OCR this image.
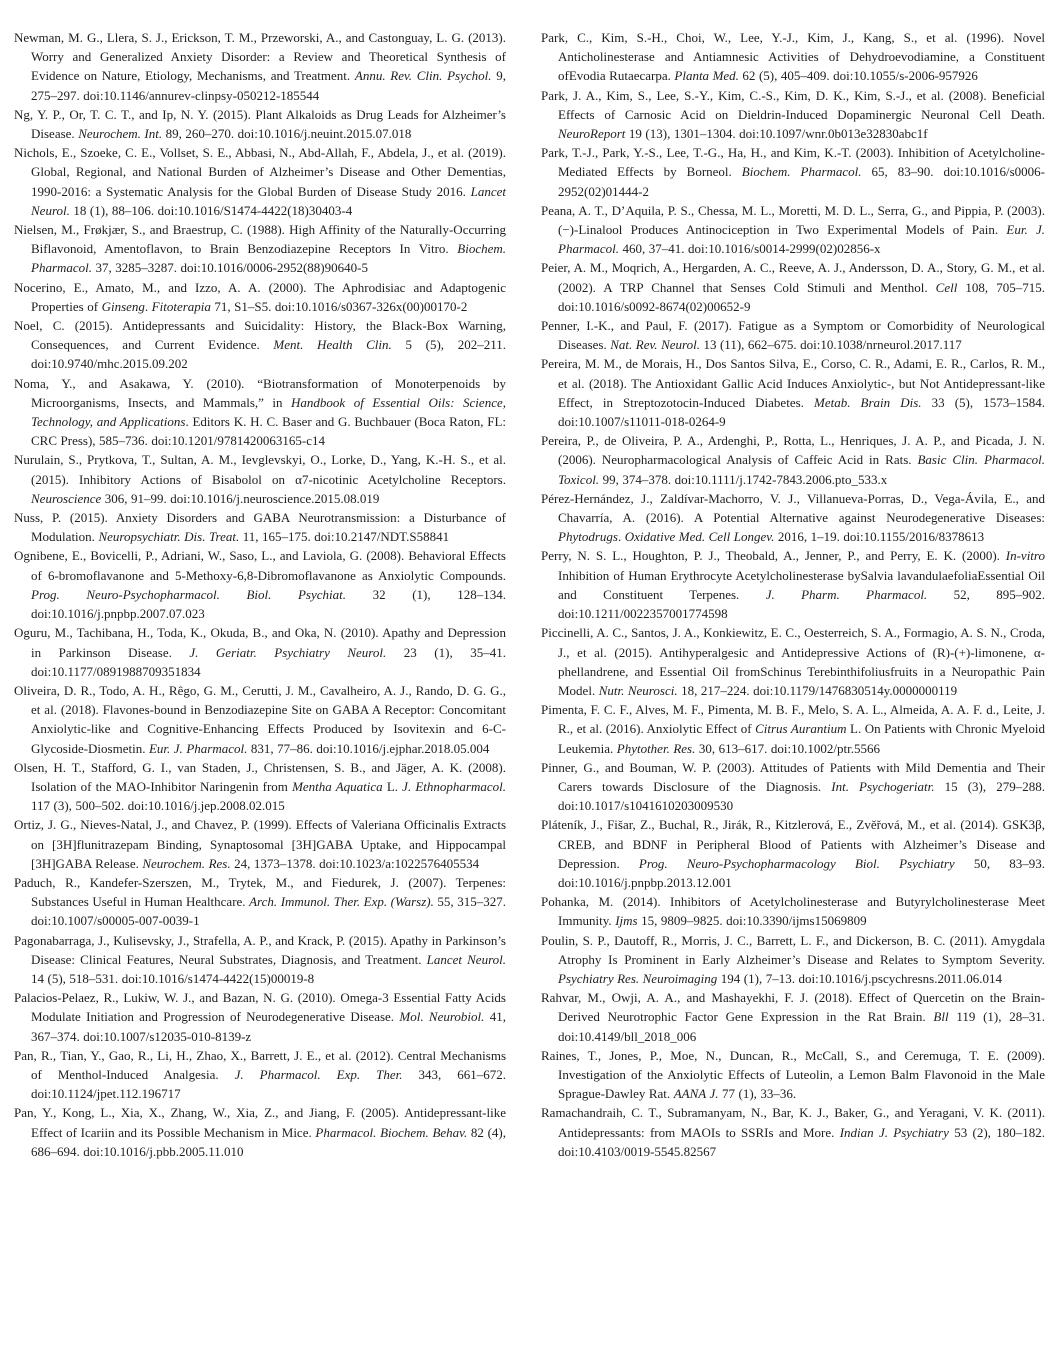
Newman, M. G., Llera, S. J., Erickson, T. M., Przeworski, A., and Castonguay, L. G. (2013). Worry and Generalized Anxiety Disorder: a Review and Theoretical Synthesis of Evidence on Nature, Etiology, Mechanisms, and Treatment. Annu. Rev. Clin. Psychol. 9, 275–297. doi:10.1146/annurev-clinpsy-050212-185544

Ng, Y. P., Or, T. C. T., and Ip, N. Y. (2015). Plant Alkaloids as Drug Leads for Alzheimer’s Disease. Neurochem. Int. 89, 260–270. doi:10.1016/j.neuint.2015.07.018

Nichols, E., Szoeke, C. E., Vollset, S. E., Abbasi, N., Abd-Allah, F., Abdela, J., et al. (2019). Global, Regional, and National Burden of Alzheimer’s Disease and Other Dementias, 1990-2016: a Systematic Analysis for the Global Burden of Disease Study 2016. Lancet Neurol. 18 (1), 88–106. doi:10.1016/S1474-4422(18)30403-4

Nielsen, M., Frøkjær, S., and Braestrup, C. (1988). High Affinity of the Naturally-Occurring Biflavonoid, Amentoflavon, to Brain Benzodiazepine Receptors In Vitro. Biochem. Pharmacol. 37, 3285–3287. doi:10.1016/0006-2952(88)90640-5

Nocerino, E., Amato, M., and Izzo, A. A. (2000). The Aphrodisiac and Adaptogenic Properties of Ginseng. Fitoterapia 71, S1–S5. doi:10.1016/s0367-326x(00)00170-2

Noel, C. (2015). Antidepressants and Suicidality: History, the Black-Box Warning, Consequences, and Current Evidence. Ment. Health Clin. 5 (5), 202–211. doi:10.9740/mhc.2015.09.202

Noma, Y., and Asakawa, Y. (2010). “Biotransformation of Monoterpenoids by Microorganisms, Insects, and Mammals,” in Handbook of Essential Oils: Science, Technology, and Applications. Editors K. H. C. Baser and G. Buchbauer (Boca Raton, FL: CRC Press), 585–736. doi:10.1201/9781420063165-c14

Nurulain, S., Prytkova, T., Sultan, A. M., Ievglevskyi, O., Lorke, D., Yang, K.-H. S., et al. (2015). Inhibitory Actions of Bisabolol on α7-nicotinic Acetylcholine Receptors. Neuroscience 306, 91–99. doi:10.1016/j.neuroscience.2015.08.019

Nuss, P. (2015). Anxiety Disorders and GABA Neurotransmission: a Disturbance of Modulation. Neuropsychiatr. Dis. Treat. 11, 165–175. doi:10.2147/NDT.S58841

Ognibene, E., Bovicelli, P., Adriani, W., Saso, L., and Laviola, G. (2008). Behavioral Effects of 6-bromoflavanone and 5-Methoxy-6,8-Dibromoflavanone as Anxiolytic Compounds. Prog. Neuro-Psychopharmacol. Biol. Psychiat. 32 (1), 128–134. doi:10.1016/j.pnpbp.2007.07.023

Oguru, M., Tachibana, H., Toda, K., Okuda, B., and Oka, N. (2010). Apathy and Depression in Parkinson Disease. J. Geriatr. Psychiatry Neurol. 23 (1), 35–41. doi:10.1177/0891988709351834

Oliveira, D. R., Todo, A. H., Rêgo, G. M., Cerutti, J. M., Cavalheiro, A. J., Rando, D. G. G., et al. (2018). Flavones-bound in Benzodiazepine Site on GABA A Receptor: Concomitant Anxiolytic-like and Cognitive-Enhancing Effects Produced by Isovitexin and 6-C-Glycoside-Diosmetin. Eur. J. Pharmacol. 831, 77–86. doi:10.1016/j.ejphar.2018.05.004

Olsen, H. T., Stafford, G. I., van Staden, J., Christensen, S. B., and Jäger, A. K. (2008). Isolation of the MAO-Inhibitor Naringenin from Mentha Aquatica L. J. Ethnopharmacol. 117 (3), 500–502. doi:10.1016/j.jep.2008.02.015

Ortiz, J. G., Nieves-Natal, J., and Chavez, P. (1999). Effects of Valeriana Officinalis Extracts on [3H]flunitrazepam Binding, Synaptosomal [3H]GABA Uptake, and Hippocampal [3H]GABA Release. Neurochem. Res. 24, 1373–1378. doi:10.1023/a:1022576405534

Paduch, R., Kandefer-Szerszen, M., Trytek, M., and Fiedurek, J. (2007). Terpenes: Substances Useful in Human Healthcare. Arch. Immunol. Ther. Exp. (Warsz). 55, 315–327. doi:10.1007/s00005-007-0039-1

Pagonabarraga, J., Kulisevsky, J., Strafella, A. P., and Krack, P. (2015). Apathy in Parkinson’s Disease: Clinical Features, Neural Substrates, Diagnosis, and Treatment. Lancet Neurol. 14 (5), 518–531. doi:10.1016/s1474-4422(15)00019-8

Palacios-Pelaez, R., Lukiw, W. J., and Bazan, N. G. (2010). Omega-3 Essential Fatty Acids Modulate Initiation and Progression of Neurodegenerative Disease. Mol. Neurobiol. 41, 367–374. doi:10.1007/s12035-010-8139-z

Pan, R., Tian, Y., Gao, R., Li, H., Zhao, X., Barrett, J. E., et al. (2012). Central Mechanisms of Menthol-Induced Analgesia. J. Pharmacol. Exp. Ther. 343, 661–672. doi:10.1124/jpet.112.196717

Pan, Y., Kong, L., Xia, X., Zhang, W., Xia, Z., and Jiang, F. (2005). Antidepressant-like Effect of Icariin and its Possible Mechanism in Mice. Pharmacol. Biochem. Behav. 82 (4), 686–694. doi:10.1016/j.pbb.2005.11.010

Park, C., Kim, S.-H., Choi, W., Lee, Y.-J., Kim, J., Kang, S., et al. (1996). Novel Anticholinesterase and Antiamnesic Activities of Dehydroevodiamine, a Constituent ofEvodia Rutaecarpa. Planta Med. 62 (5), 405–409. doi:10.1055/s-2006-957926

Park, J. A., Kim, S., Lee, S.-Y., Kim, C.-S., Kim, D. K., Kim, S.-J., et al. (2008). Beneficial Effects of Carnosic Acid on Dieldrin-Induced Dopaminergic Neuronal Cell Death. NeuroReport 19 (13), 1301–1304. doi:10.1097/wnr.0b013e32830abc1f

Park, T.-J., Park, Y.-S., Lee, T.-G., Ha, H., and Kim, K.-T. (2003). Inhibition of Acetylcholine-Mediated Effects by Borneol. Biochem. Pharmacol. 65, 83–90. doi:10.1016/s0006-2952(02)01444-2

Peana, A. T., D’Aquila, P. S., Chessa, M. L., Moretti, M. D. L., Serra, G., and Pippia, P. (2003). (−)-Linalool Produces Antinociception in Two Experimental Models of Pain. Eur. J. Pharmacol. 460, 37–41. doi:10.1016/s0014-2999(02)02856-x

Peier, A. M., Moqrich, A., Hergarden, A. C., Reeve, A. J., Andersson, D. A., Story, G. M., et al. (2002). A TRP Channel that Senses Cold Stimuli and Menthol. Cell 108, 705–715. doi:10.1016/s0092-8674(02)00652-9

Penner, I.-K., and Paul, F. (2017). Fatigue as a Symptom or Comorbidity of Neurological Diseases. Nat. Rev. Neurol. 13 (11), 662–675. doi:10.1038/nrneurol.2017.117

Pereira, M. M., de Morais, H., Dos Santos Silva, E., Corso, C. R., Adami, E. R., Carlos, R. M., et al. (2018). The Antioxidant Gallic Acid Induces Anxiolytic-, but Not Antidepressant-like Effect, in Streptozotocin-Induced Diabetes. Metab. Brain Dis. 33 (5), 1573–1584. doi:10.1007/s11011-018-0264-9

Pereira, P., de Oliveira, P. A., Ardenghi, P., Rotta, L., Henriques, J. A. P., and Picada, J. N. (2006). Neuropharmacological Analysis of Caffeic Acid in Rats. Basic Clin. Pharmacol. Toxicol. 99, 374–378. doi:10.1111/j.1742-7843.2006.pto_533.x

Pérez-Hernández, J., Zaldívar-Machorro, V. J., Villanueva-Porras, D., Vega-Ávila, E., and Chavarría, A. (2016). A Potential Alternative against Neurodegenerative Diseases: Phytodrugs. Oxidative Med. Cell Longev. 2016, 1–19. doi:10.1155/2016/8378613

Perry, N. S. L., Houghton, P. J., Theobald, A., Jenner, P., and Perry, E. K. (2000). In-vitro Inhibition of Human Erythrocyte Acetylcholinesterase bySalvia lavandulaefoliaEssential Oil and Constituent Terpenes. J. Pharm. Pharmacol. 52, 895–902. doi:10.1211/0022357001774598

Piccinelli, A. C., Santos, J. A., Konkiewitz, E. C., Oesterreich, S. A., Formagio, A. S. N., Croda, J., et al. (2015). Antihyperalgesic and Antidepressive Actions of (R)-(+)-limonene, α-phellandrene, and Essential Oil fromSchinus Terebinthifoliusfruits in a Neuropathic Pain Model. Nutr. Neurosci. 18, 217–224. doi:10.1179/1476830514y.0000000119

Pimenta, F. C. F., Alves, M. F., Pimenta, M. B. F., Melo, S. A. L., Almeida, A. A. F. d., Leite, J. R., et al. (2016). Anxiolytic Effect of Citrus Aurantium L. On Patients with Chronic Myeloid Leukemia. Phytother. Res. 30, 613–617. doi:10.1002/ptr.5566

Pinner, G., and Bouman, W. P. (2003). Attitudes of Patients with Mild Dementia and Their Carers towards Disclosure of the Diagnosis. Int. Psychogeriatr. 15 (3), 279–288. doi:10.1017/s1041610203009530

Pláteník, J., Fišar, Z., Buchal, R., Jirák, R., Kitzlerová, E., Zvěřová, M., et al. (2014). GSK3β, CREB, and BDNF in Peripheral Blood of Patients with Alzheimer’s Disease and Depression. Prog. Neuro-Psychopharmacology Biol. Psychiatry 50, 83–93. doi:10.1016/j.pnpbp.2013.12.001

Pohanka, M. (2014). Inhibitors of Acetylcholinesterase and Butyrylcholinesterase Meet Immunity. Ijms 15, 9809–9825. doi:10.3390/ijms15069809

Poulin, S. P., Dautoff, R., Morris, J. C., Barrett, L. F., and Dickerson, B. C. (2011). Amygdala Atrophy Is Prominent in Early Alzheimer’s Disease and Relates to Symptom Severity. Psychiatry Res. Neuroimaging 194 (1), 7–13. doi:10.1016/j.pscychresns.2011.06.014

Rahvar, M., Owji, A. A., and Mashayekhi, F. J. (2018). Effect of Quercetin on the Brain-Derived Neurotrophic Factor Gene Expression in the Rat Brain. Bll 119 (1), 28–31. doi:10.4149/bll_2018_006

Raines, T., Jones, P., Moe, N., Duncan, R., McCall, S., and Ceremuga, T. E. (2009). Investigation of the Anxiolytic Effects of Luteolin, a Lemon Balm Flavonoid in the Male Sprague-Dawley Rat. AANA J. 77 (1), 33–36.

Ramachandraih, C. T., Subramanyam, N., Bar, K. J., Baker, G., and Yeragani, V. K. (2011). Antidepressants: from MAOIs to SSRIs and More. Indian J. Psychiatry 53 (2), 180–182. doi:10.4103/0019-5545.82567
